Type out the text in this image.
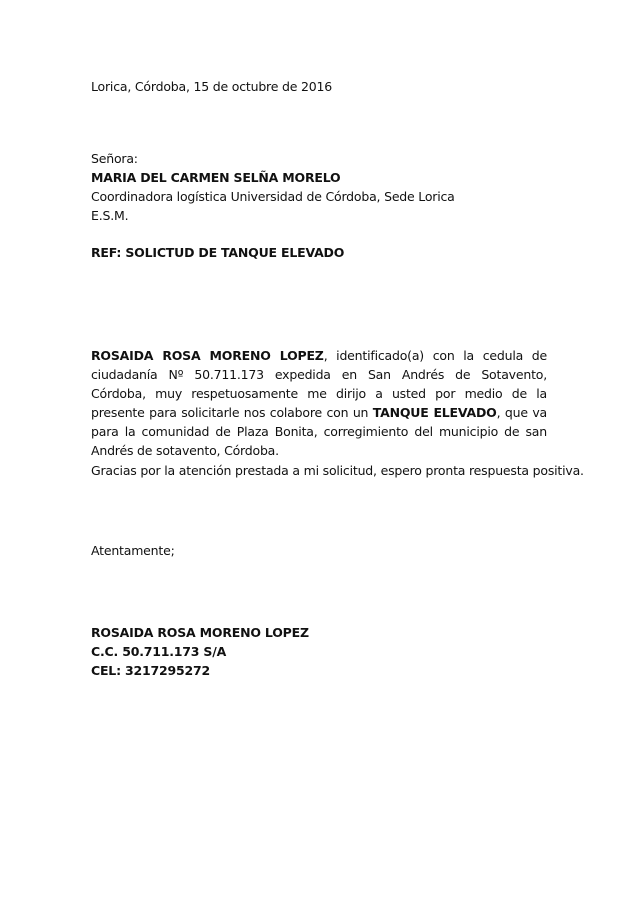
Lorica, Córdoba, 15 de octubre de 2016
Señora:
MARIA DEL CARMEN SELÑA MORELO
Coordinadora logística Universidad de Córdoba, Sede Lorica
E.S.M.
REF: SOLICTUD DE TANQUE ELEVADO
ROSAIDA ROSA MORENO LOPEZ, identificado(a) con la cedula de ciudadanía Nº 50.711.173 expedida en San Andrés de Sotavento, Córdoba, muy respetuosamente me dirijo a usted por medio de la presente para solicitarle nos colabore con un TANQUE ELEVADO, que va para la comunidad de Plaza Bonita, corregimiento del municipio de san Andrés de sotavento, Córdoba.
Gracias por la atención prestada a mi solicitud, espero pronta respuesta positiva.
Atentamente;
ROSAIDA ROSA MORENO LOPEZ
C.C. 50.711.173 S/A
CEL: 3217295272
